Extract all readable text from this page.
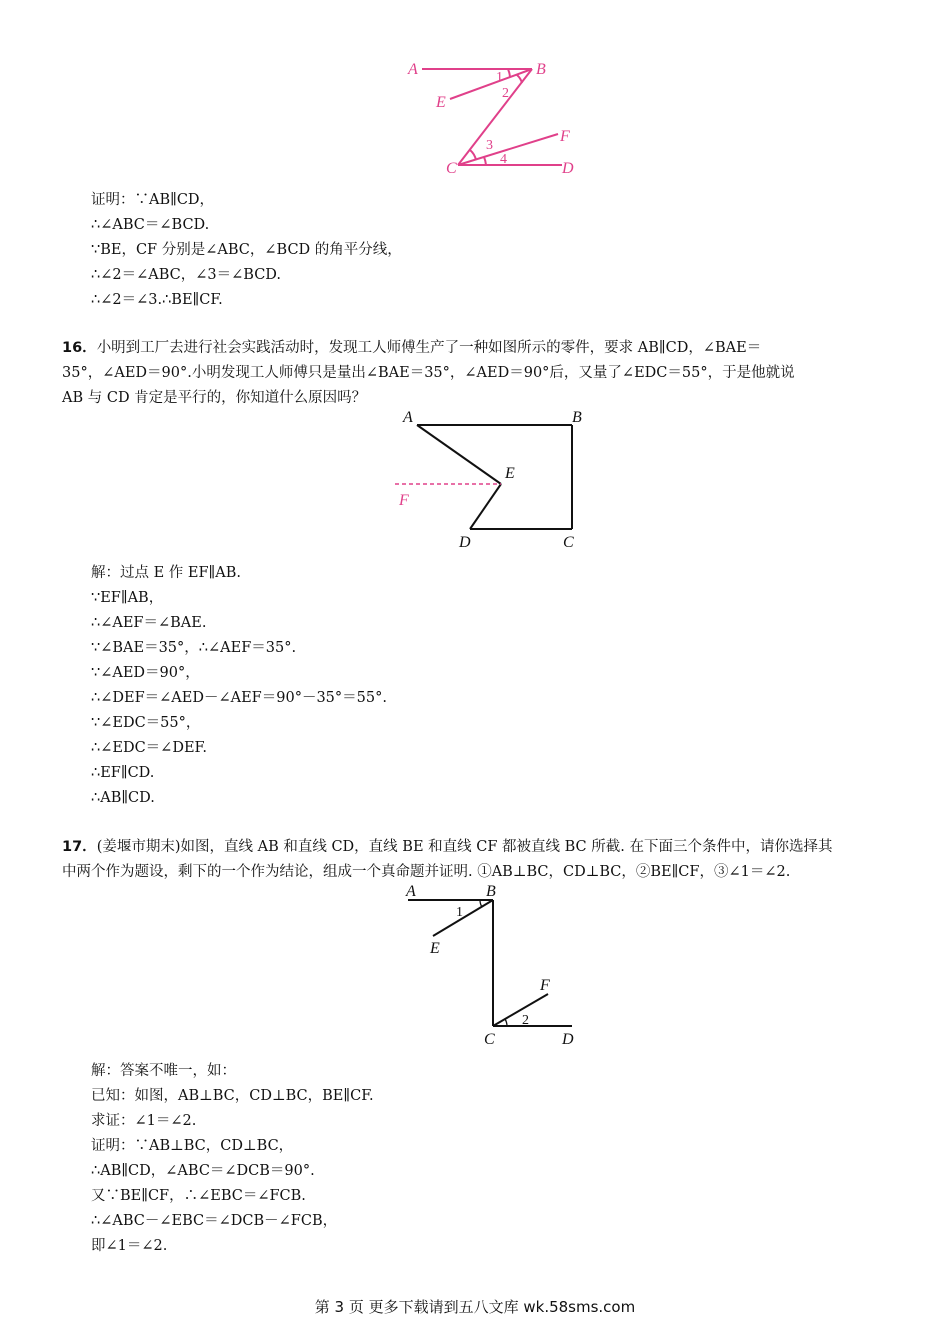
A	B
E
F
C	D
1
2
3
4
证明：∵AB∥CD，
∴∠ABC＝∠BCD.
∵BE，CF 分别是∠ABC，∠BCD 的角平分线，
∴∠2＝∠ABC，∠3＝∠BCD.
∴∠2＝∠3.∴BE∥CF.
16．小明到工厂去进行社会实践活动时，发现工人师傅生产了一种如图所示的零件，要求 AB∥CD，∠BAE＝
35°，∠AED＝90°.小明发现工人师傅只是量出∠BAE＝35°，∠AED＝90°后，又量了∠EDC＝55°，于是他就说
AB 与 CD 肯定是平行的，你知道什么原因吗？
A	B
E
F
D	C
解：过点 E 作 EF∥AB.
∵EF∥AB，
∴∠AEF＝∠BAE.
∵∠BAE＝35°，∴∠AEF＝35°.
∵∠AED＝90°，
∴∠DEF＝∠AED－∠AEF＝90°－35°＝55°.
∵∠EDC＝55°，
∴∠EDC＝∠DEF.
∴EF∥CD.
∴AB∥CD.
17．(姜堰市期末)如图，直线 AB 和直线 CD，直线 BE 和直线 CF 都被直线 BC 所截. 在下面三个条件中，请你选择其
中两个作为题设，剩下的一个作为结论，组成一个真命题并证明. ①AB⊥BC，CD⊥BC，②BE∥CF，③∠1＝∠2.
A	B
E
F
C	D
1
2
解：答案不唯一，如：
已知：如图，AB⊥BC，CD⊥BC，BE∥CF.
求证：∠1＝∠2.
证明：∵AB⊥BC，CD⊥BC，
∴AB∥CD，∠ABC＝∠DCB＝90°.
又∵BE∥CF，∴∠EBC＝∠FCB.
∴∠ABC－∠EBC＝∠DCB－∠FCB，
即∠1＝∠2.
第 3 页 更多下载请到五八文库 wk.58sms.com
